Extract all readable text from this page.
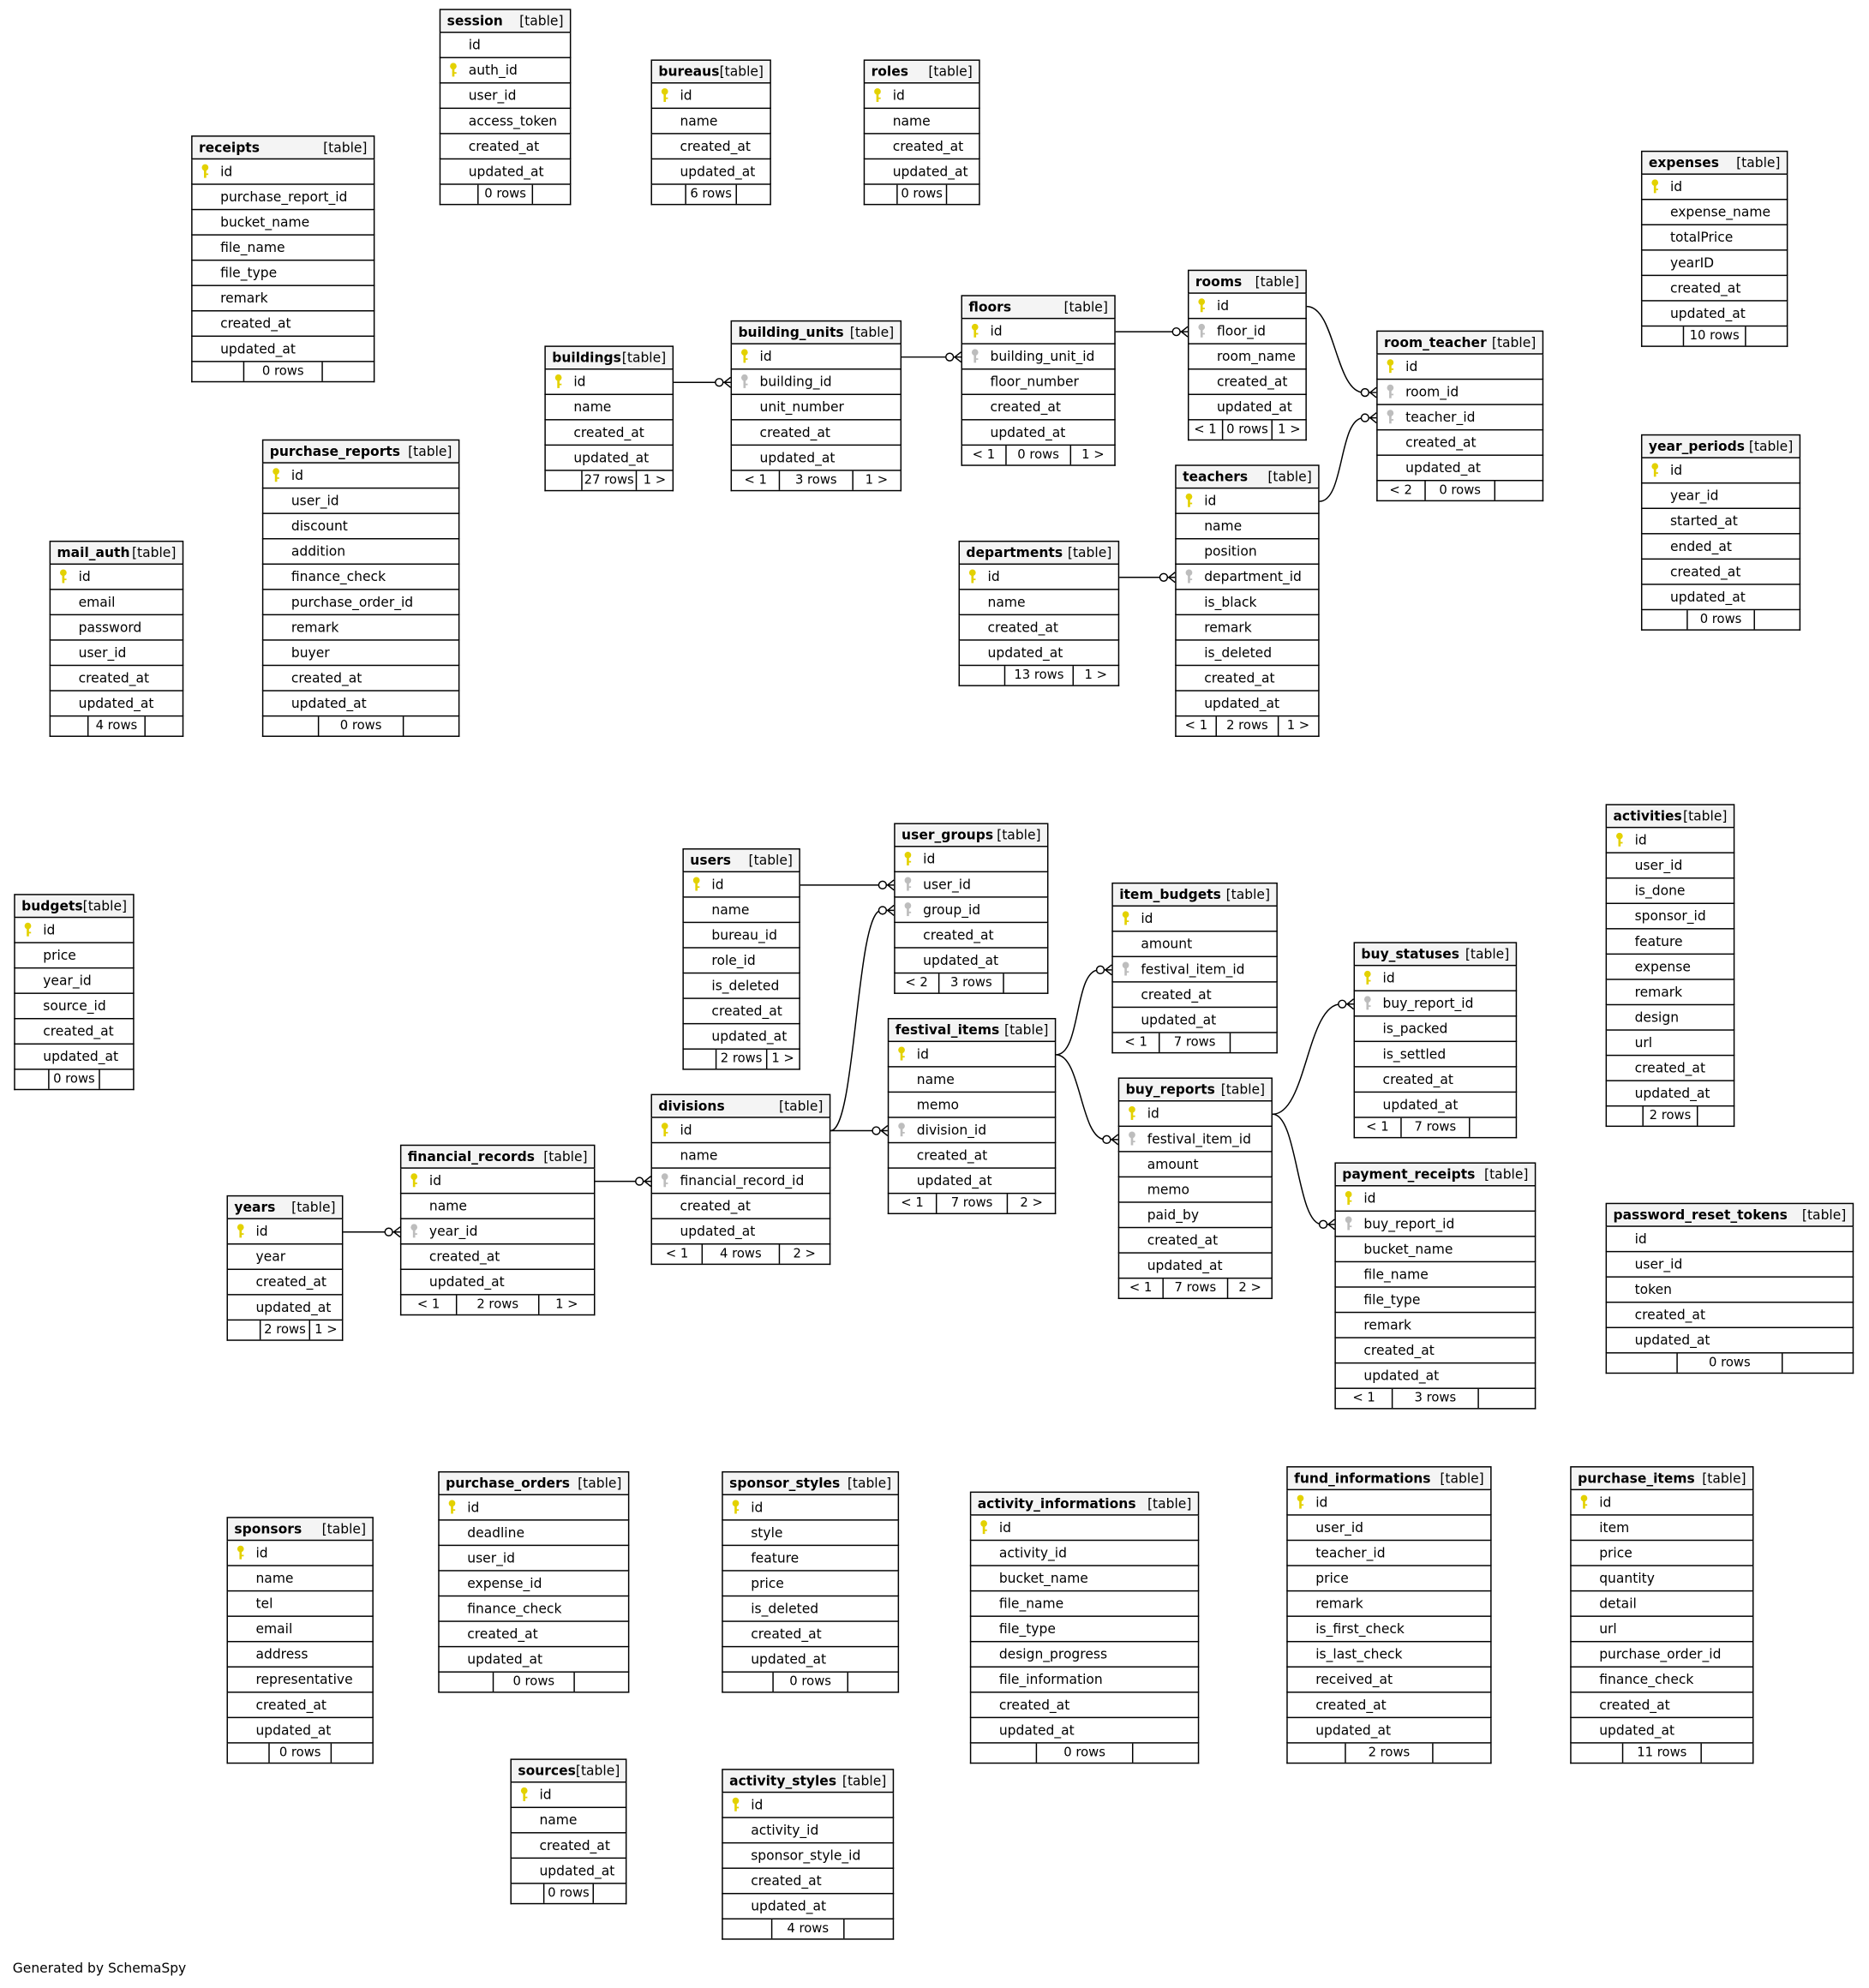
session [table]
id
auth_id
user_id
access_token
created_at
updated_at
0 rows
bureaus [table]
id
name
created_at
updated_at
6 rows
roles [table]
id
name
created_at
updated_at
0 rows
receipts	[table]
id
purchase_report_id
bucket_name
file_name
file_type
remark
created_at
updated_at
0 rows
expenses [table]
id
expense_name
totalPrice
yearID
created_at
updated_at
10 rows
rooms [table]
id
floor_id
room_name
created_at
updated_at
< 1	0 rows	1 >
floors	[table]
id
building_unit_id
floor_number
created_at
updated_at
< 1	0 rows	1 >
building_units [table]
id
building_id
unit_number
created_at
updated_at
< 1	3 rows	1 >
room_teacher [table]
id
room_id
teacher_id
created_at
updated_at
< 2	0 rows
buildings [table]
id
name
created_at
updated_at
27 rows	1 >
year_periods [table]
id
year_id
started_at
ended_at
created_at
updated_at
0 rows
purchase_reports [table]
id
user_id
discount
addition
finance_check
purchase_order_id
remark
buyer
created_at
updated_at
0 rows
teachers [table]
id
name
position
department_id
is_black
remark
is_deleted
created_at
updated_at
< 1	2 rows	1 >
departments [table]
id
name
created_at
updated_at
13 rows	1 >
mail_auth [table]
id
email
password
user_id
created_at
updated_at
4 rows
activities [table]
id
user_id
is_done
sponsor_id
feature
expense
remark
design
url
created_at
updated_at
2 rows
user_groups [table]
id
user_id
group_id
created_at
updated_at
< 2	3 rows
users [table]
id
name
bureau_id
role_id
is_deleted
created_at
updated_at
2 rows	1 >
item_budgets [table]
id
amount
festival_item_id
created_at
updated_at
< 1	7 rows
budgets [table]
id
price
year_id
source_id
created_at
updated_at
0 rows
buy_statuses [table]
id
buy_report_id
is_packed
is_settled
created_at
updated_at
< 1	7 rows
festival_items [table]
id
name
memo
division_id
created_at
updated_at
< 1	7 rows	2 >
buy_reports [table]
id
festival_item_id
amount
memo
paid_by
created_at
updated_at
< 1	7 rows	2 >
divisions	[table]
id
name
financial_record_id
created_at
updated_at
< 1	4 rows	2 >
financial_records [table]
id
name
year_id
created_at
updated_at
< 1	2 rows	1 >
payment_receipts [table]
id
buy_report_id
bucket_name
file_name
file_type
remark
created_at
updated_at
< 1	3 rows
years [table]
id
year
created_at
updated_at
2 rows	1 >
password_reset_tokens [table]
id
user_id
token
created_at
updated_at
0 rows
fund_informations [table]
id
user_id
teacher_id
price
remark
is_first_check
is_last_check
received_at
created_at
updated_at
2 rows
purchase_items [table]
id
item
price
quantity
detail
url
purchase_order_id
finance_check
created_at
updated_at
11 rows
purchase_orders [table]
id
deadline
user_id
expense_id
finance_check
created_at
updated_at
0 rows
sponsor_styles [table]
id
style
feature
price
is_deleted
created_at
updated_at
0 rows
activity_informations [table]
id
activity_id
bucket_name
file_name
file_type
design_progress
file_information
created_at
updated_at
0 rows
sponsors [table]
id
name
tel
email
address
representative
created_at
updated_at
0 rows
sources [table]
id
name
created_at
updated_at
0 rows
activity_styles [table]
id
activity_id
sponsor_style_id
created_at
updated_at
4 rows
Generated by SchemaSpy
